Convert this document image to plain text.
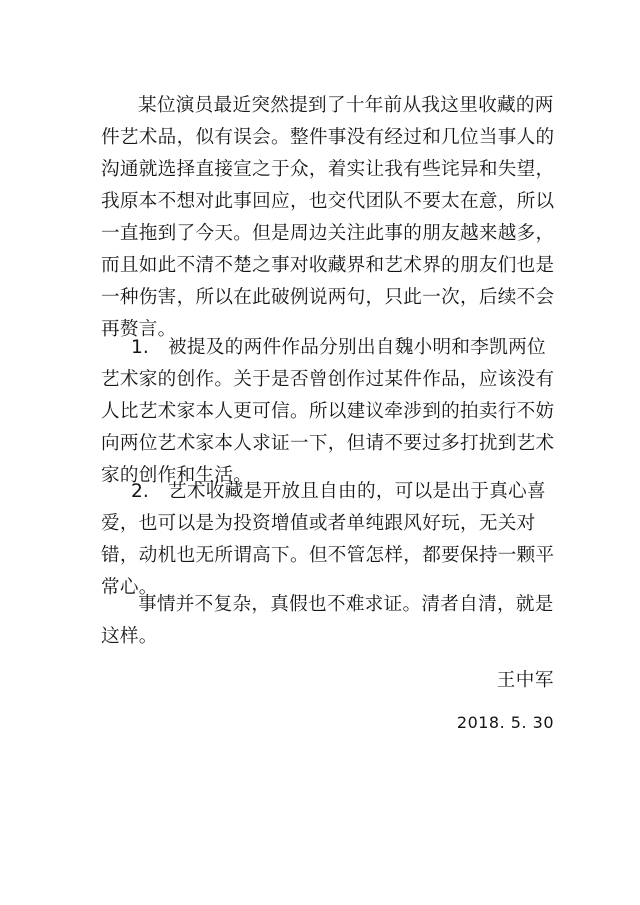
某位演员最近突然提到了十年前从我这里收藏的两件艺术品，似有误会。整件事没有经过和几位当事人的沟通就选择直接宣之于众，着实让我有些诧异和失望，我原本不想对此事回应，也交代团队不要太在意，所以一直拖到了今天。但是周边关注此事的朋友越来越多，而且如此不清不楚之事对收藏界和艺术界的朋友们也是一种伤害，所以在此破例说两句，只此一次，后续不会再赘言。

1. 被提及的两件作品分别出自魏小明和李凯两位艺术家的创作。关于是否曾创作过某件作品，应该没有人比艺术家本人更可信。所以建议牵涉到的拍卖行不妨向两位艺术家本人求证一下，但请不要过多打扰到艺术家的创作和生活。

2. 艺术收藏是开放且自由的，可以是出于真心喜爱，也可以是为投资增值或者单纯跟风好玩，无关对错，动机也无所谓高下。但不管怎样，都要保持一颗平常心。

事情并不复杂，真假也不难求证。清者自清，就是这样。

王中军
2018. 5. 30
